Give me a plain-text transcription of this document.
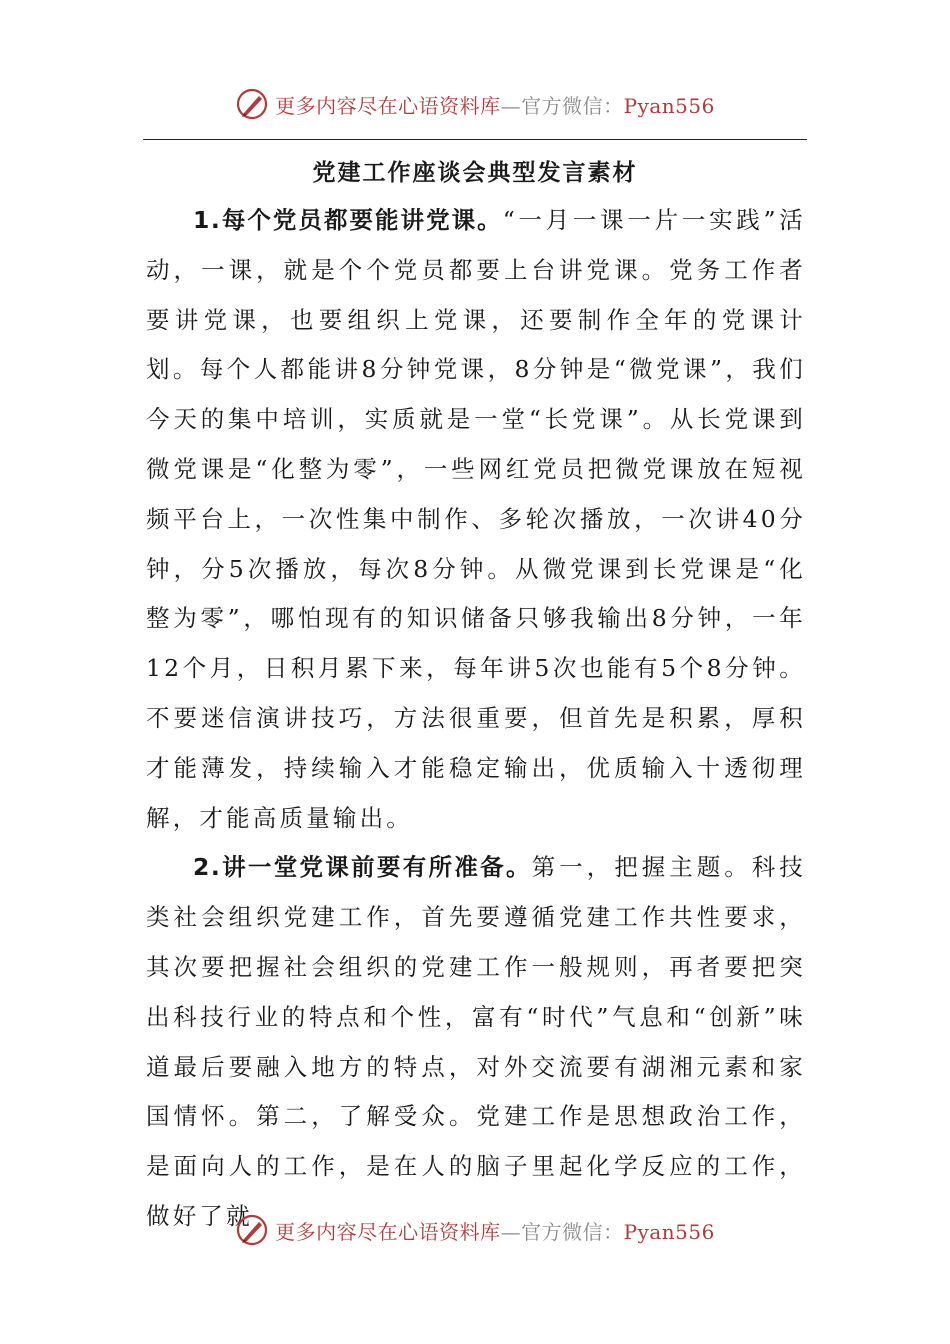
更多内容尽在心语资料库—官方微信：Pyan556
党建工作座谈会典型发言素材

1.每个党员都要能讲党课。“一月一课一片一实践”活动，一课，就是个个党员都要上台讲党课。党务工作者要讲党课，也要组织上党课，还要制作全年的党课计划。每个人都能讲8分钟党课，8分钟是“微党课”，我们今天的集中培训，实质就是一堂“长党课”。从长党课到微党课是“化整为零”，一些网红党员把微党课放在短视频平台上，一次性集中制作、多轮次播放，一次讲40分钟，分5次播放，每次8分钟。从微党课到长党课是“化整为零”，哪怕现有的知识储备只够我输出8分钟，一年12个月，日积月累下来，每年讲5次也能有5个8分钟。不要迷信演讲技巧，方法很重要，但首先是积累，厚积才能薄发，持续输入才能稳定输出，优质输入十透彻理解，才能高质量输出。

2.讲一堂党课前要有所准备。第一，把握主题。科技类社会组织党建工作，首先要遵循党建工作共性要求，其次要把握社会组织的党建工作一般规则，再者要把突出科技行业的特点和个性，富有“时代”气息和“创新”味道最后要融入地方的特点，对外交流要有湖湘元素和家国情怀。第二，了解受众。党建工作是思想政治工作，是面向人的工作，是在人的脑子里起化学反应的工作，做好了就

更多内容尽在心语资料库—官方微信：Pyan556
